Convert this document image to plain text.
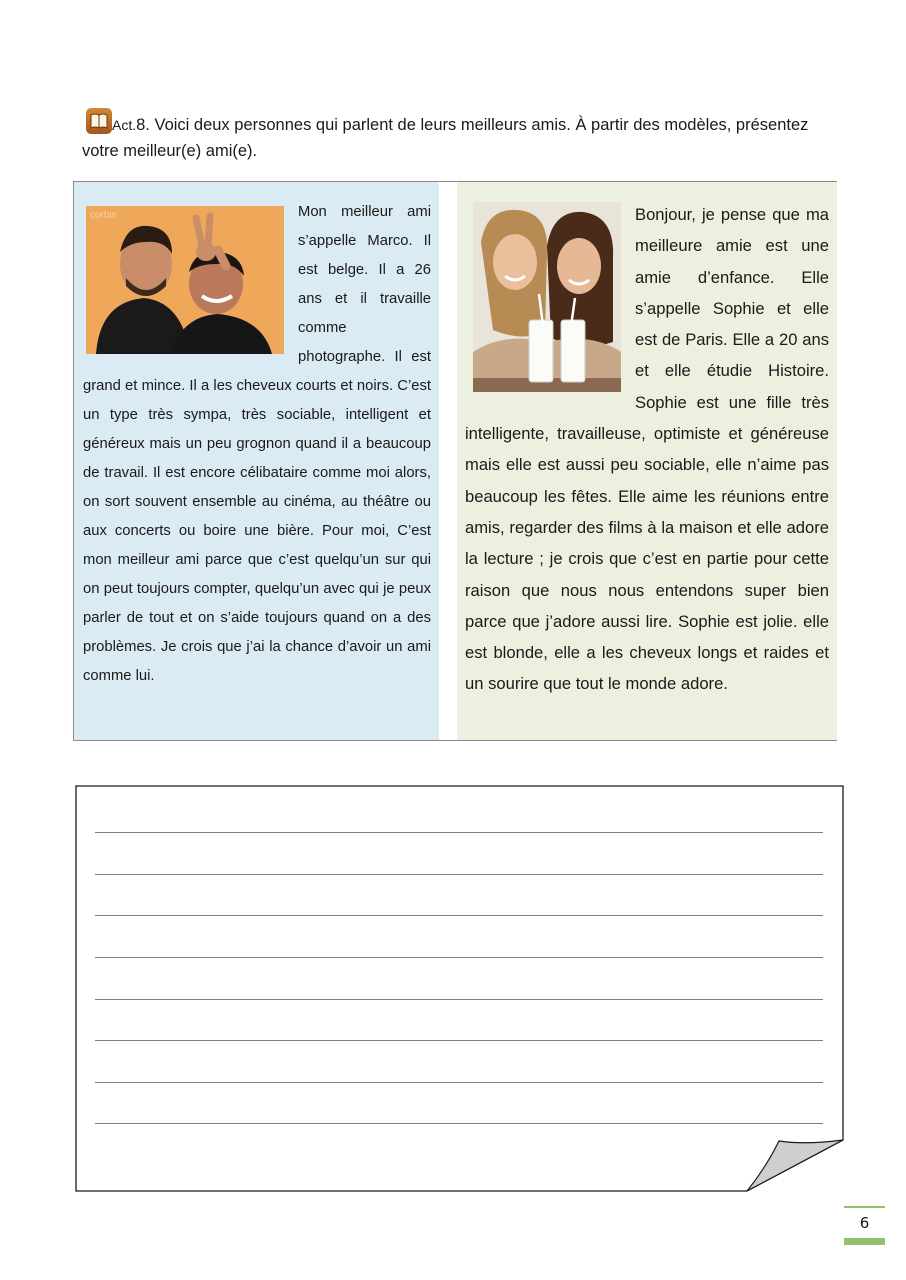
Act.8. Voici deux personnes qui parlent de leurs meilleurs amis. À partir des modèles, présentez votre meilleur(e) ami(e).
corbis	Mon meilleur ami s’appelle Marco. Il est belge. Il a 26 ans et il travaille comme photographe. Il est grand et mince. Il a les cheveux courts et noirs. C’est un type très sympa, très sociable, intelligent et généreux mais un peu grognon quand il a beaucoup de travail. Il est encore célibataire comme moi alors, on sort souvent ensemble au cinéma, au théâtre ou aux concerts ou boire une bière. Pour moi, C’est mon meilleur ami parce que c’est quelqu’un sur qui on peut toujours compter, quelqu’un avec qui je peux parler de tout et on s’aide toujours quand on a des problèmes. Je crois que j’ai la chance d’avoir un ami comme lui.
Bonjour, je pense que ma meilleure amie est une amie d’enfance. Elle s’appelle Sophie et elle est de Paris. Elle a 20 ans et elle étudie Histoire. Sophie est une fille très intelligente, travailleuse, optimiste et généreuse mais elle est aussi peu sociable, elle n’aime pas beaucoup les fêtes. Elle aime les réunions entre amis, regarder des films à la maison et elle adore la lecture ; je crois que c’est en partie pour cette raison que nous nous entendons super bien parce que j’adore aussi lire. Sophie est jolie. elle est blonde, elle a les cheveux longs et raides et un sourire que tout le monde adore.
6
